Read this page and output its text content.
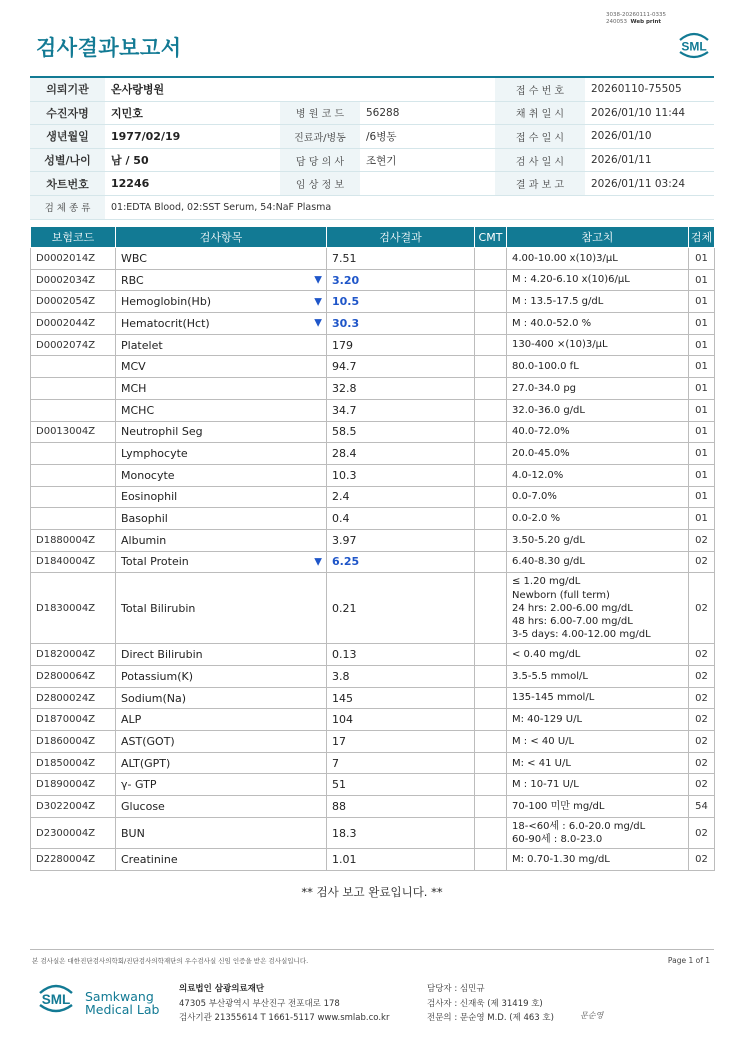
검사결과보고서
3038-20260111-0335
240053 Web print
SML
의뢰기관	온사랑병원			접 수 번 호	20260110-75505
수진자명	지민호	병 원 코 드	56288	채 취 일 시	2026/01/10 11:44
생년월일	1977/02/19	진료과/병동	/6병동	접 수 일 시	2026/01/10
성별/나이	남 / 50	담 당 의 사	조현기	검 사 일 시	2026/01/11
차트번호	12246	임 상 정 보		결 과 보 고	2026/01/11 03:24
검 체 종 류	01:EDTA Blood, 02:SST Serum, 54:NaF Plasma				
보험코드	검사항목	검사결과	CMT	참고치	검체
D0002014Z	WBC	7.51		4.00-10.00 x(10)3/μL	01
D0002034Z	RBC ▼	3.20		M : 4.20-6.10 x(10)6/μL	01
D0002054Z	Hemoglobin(Hb) ▼	10.5		M : 13.5-17.5 g/dL	01
D0002044Z	Hematocrit(Hct) ▼	30.3		M : 40.0-52.0 %	01
D0002074Z	Platelet	179		130-400 ×(10)3/μL	01
	MCV	94.7		80.0-100.0 fL	01
	MCH	32.8		27.0-34.0 pg	01
	MCHC	34.7		32.0-36.0 g/dL	01
D0013004Z	Neutrophil Seg	58.5		40.0-72.0%	01
	Lymphocyte	28.4		20.0-45.0%	01
	Monocyte	10.3		4.0-12.0%	01
	Eosinophil	2.4		0.0-7.0%	01
	Basophil	0.4		0.0-2.0 %	01
D1880004Z	Albumin	3.97		3.50-5.20 g/dL	02
D1840004Z	Total Protein ▼	6.25		6.40-8.30 g/dL	02
D1830004Z	Total Bilirubin	0.21		≤ 1.20 mg/dL
Newborn (full term)
24 hrs: 2.00-6.00 mg/dL
48 hrs: 6.00-7.00 mg/dL
3-5 days: 4.00-12.00 mg/dL	02
D1820004Z	Direct Bilirubin	0.13		< 0.40 mg/dL	02
D2800064Z	Potassium(K)	3.8		3.5-5.5 mmol/L	02
D2800024Z	Sodium(Na)	145		135-145 mmol/L	02
D1870004Z	ALP	104		M: 40-129 U/L	02
D1860004Z	AST(GOT)	17		M : < 40 U/L	02
D1850004Z	ALT(GPT)	7		M: < 41 U/L	02
D1890004Z	γ- GTP	51		M : 10-71 U/L	02
D3022004Z	Glucose	88		70-100 미만 mg/dL	54
D2300004Z	BUN	18.3		18-<60세 : 6.0-20.0 mg/dL
60-90세 : 8.0-23.0	02
D2280004Z	Creatinine	1.01		M: 0.70-1.30 mg/dL	02
** 검사 보고 완료입니다. **
본 검사실은 대한진단검사의학회/진단검사의학재단의 우수검사실 신임 인증을 받은 검사실입니다.	Page 1 of 1
SML Samkwang
Medical Lab
의료법인 삼광의료재단
47305 부산광역시 부산진구 전포대로 178
검사기관 21355614 T 1661-5117 www.smlab.co.kr
담당자 : 심민규
검사자 : 신재욱 (제 31419 호)
전문의 : 문순영 M.D. (제 463 호)	문순영
